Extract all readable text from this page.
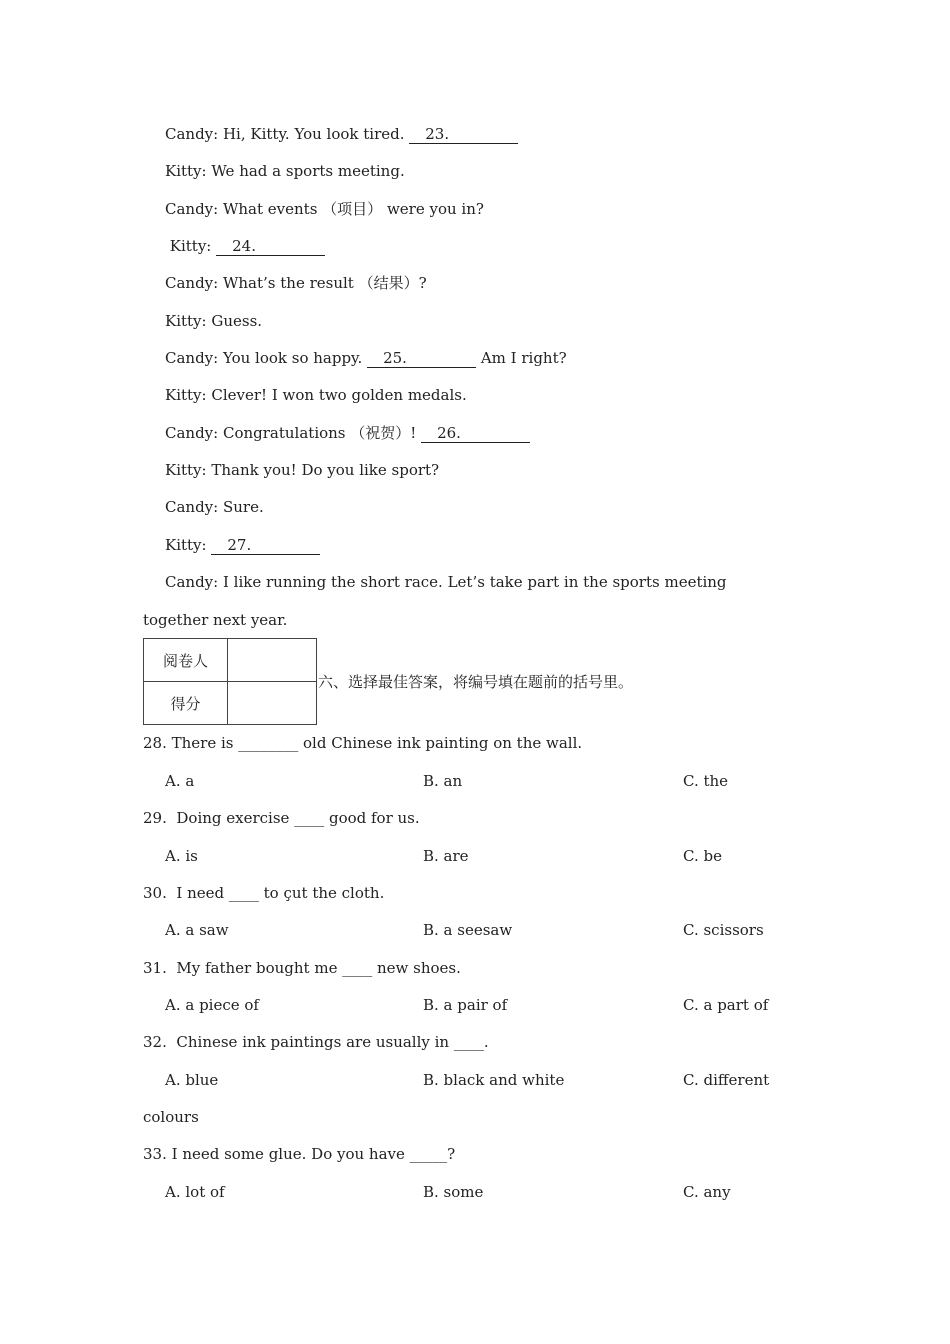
Candy: Hi, Kitty. You look tired. 23.
Kitty: We had a sports meeting.
Candy: What events （项目） were you in?
Kitty: 24.
Candy: What’s the result （结果）?
Kitty: Guess.
Candy: You look so happy. 25.	Am I right?
Kitty: Clever! I won two golden medals.
Candy: Congratulations （祝贺）! 26.
Kitty: Thank you! Do you like sport?
Candy: Sure.
Kitty: 27.
Candy: I like running the short race. Let’s take part in the sports meeting
together next year.
阅卷人	
得分	
六、选择最佳答案，将编号填在题前的括号里。
28. There is ________ old Chinese ink painting on the wall.
A. a	B. an	C. the
29.  Doing exercise ____ good for us.
A. is	B. are	C. be
30.  I need ____ to çut the cloth.
A. a saw	B. a seesaw	C. scissors
31.  My father bought me ____ new shoes.
A. a piece of	B. a pair of	C. a part of
32.  Chinese ink paintings are usually in ____.
A. blue	B. black and white	C. different
colours
33. I need some glue. Do you have _____?
A. lot of	B. some	C. any
